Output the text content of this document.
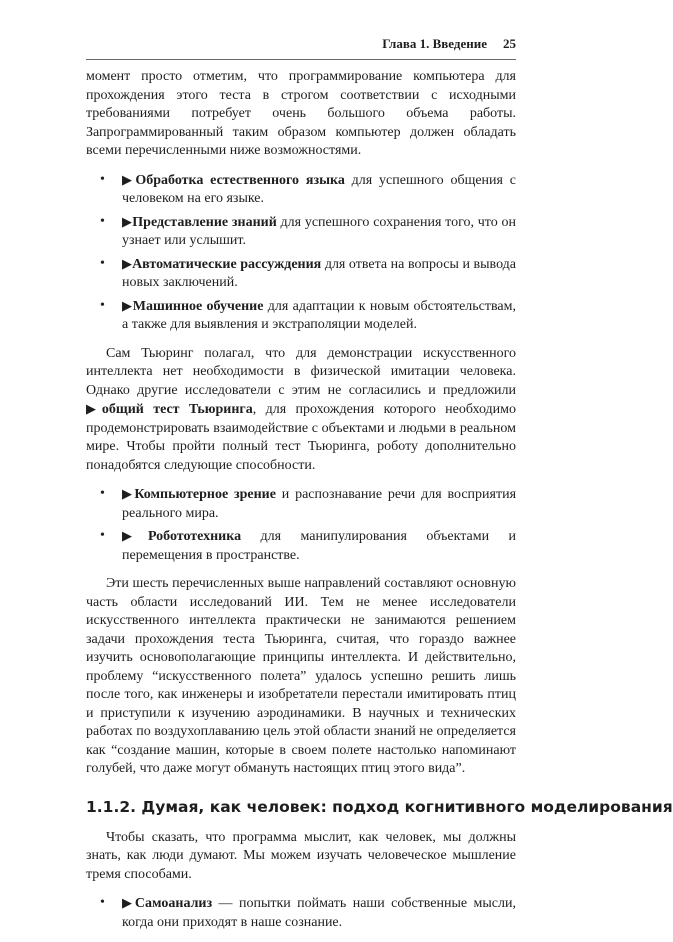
Глава 1. Введение 25

момент просто отметим, что программирование компьютера для прохождения этого теста в строгом соответствии с исходными требованиями потребует очень большого объема работы. Запрограммированный таким образом компьютер должен обладать всеми перечисленными ниже возможностями.

• ▶Обработка естественного языка для успешного общения с человеком на его языке.
• ▶Представление знаний для успешного сохранения того, что он узнает или услышит.
• ▶Автоматические рассуждения для ответа на вопросы и вывода новых заключений.
• ▶Машинное обучение для адаптации к новым обстоятельствам, а также для выявления и экстраполяции моделей.

Сам Тьюринг полагал, что для демонстрации искусственного интеллекта нет необходимости в физической имитации человека. Однако другие исследователи с этим не согласились и предложили ▶общий тест Тьюринга, для прохождения которого необходимо продемонстрировать взаимодействие с объектами и людьми в реальном мире. Чтобы пройти полный тест Тьюринга, роботу дополнительно понадобятся следующие способности.

• ▶Компьютерное зрение и распознавание речи для восприятия реального мира.
• ▶Робототехника для манипулирования объектами и перемещения в пространстве.

Эти шесть перечисленных выше направлений составляют основную часть области исследований ИИ. Тем не менее исследователи искусственного интеллекта практически не занимаются решением задачи прохождения теста Тьюринга, считая, что гораздо важнее изучить основополагающие принципы интеллекта. И действительно, проблему “искусственного полета” удалось успешно решить лишь после того, как инженеры и изобретатели перестали имитировать птиц и приступили к изучению аэродинамики. В научных и технических работах по воздухоплаванию цель этой области знаний не определяется как “создание машин, которые в своем полете настолько напоминают голубей, что даже могут обмануть настоящих птиц этого вида”.

1.1.2. Думая, как человек: подход когнитивного моделирования

Чтобы сказать, что программа мыслит, как человек, мы должны знать, как люди думают. Мы можем изучать человеческое мышление тремя способами.

• ▶Самоанализ — попытки поймать наши собственные мысли, когда они приходят в наше сознание.
